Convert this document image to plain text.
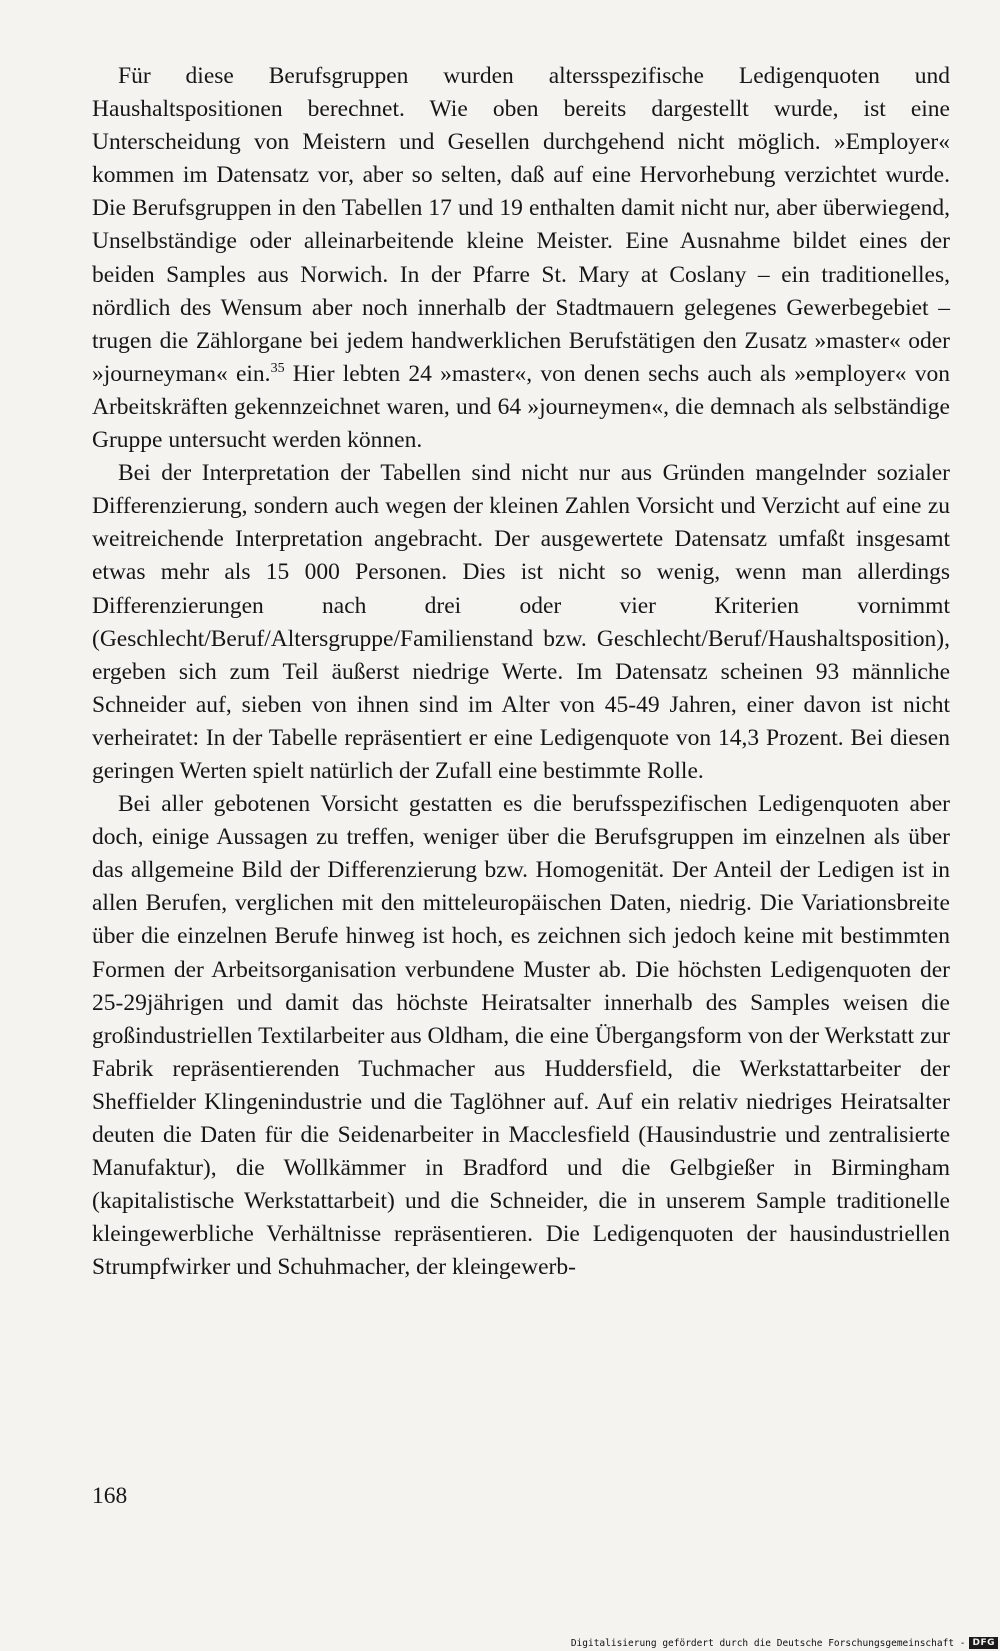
Für diese Berufsgruppen wurden altersspezifische Ledigenquoten und Haushaltspositionen berechnet. Wie oben bereits dargestellt wurde, ist eine Unterscheidung von Meistern und Gesellen durchgehend nicht möglich. »Employer« kommen im Datensatz vor, aber so selten, daß auf eine Hervorhebung verzichtet wurde. Die Berufsgruppen in den Tabellen 17 und 19 enthalten damit nicht nur, aber überwiegend, Unselbständige oder alleinarbeitende kleine Meister. Eine Ausnahme bildet eines der beiden Samples aus Norwich. In der Pfarre St. Mary at Coslany – ein traditionelles, nördlich des Wensum aber noch innerhalb der Stadtmauern gelegenes Gewerbegebiet – trugen die Zählorgane bei jedem handwerklichen Berufstätigen den Zusatz »master« oder »journeyman« ein.$^{35}$ Hier lebten 24 »master«, von denen sechs auch als »employer« von Arbeitskräften gekennzeichnet waren, und 64 »journeymen«, die demnach als selbständige Gruppe untersucht werden können.

Bei der Interpretation der Tabellen sind nicht nur aus Gründen mangelnder sozialer Differenzierung, sondern auch wegen der kleinen Zahlen Vorsicht und Verzicht auf eine zu weitreichende Interpretation angebracht. Der ausgewertete Datensatz umfaßt insgesamt etwas mehr als 15 000 Personen. Dies ist nicht so wenig, wenn man allerdings Differenzierungen nach drei oder vier Kriterien vornimmt (Geschlecht/Beruf/Altersgruppe/Familienstand bzw. Geschlecht/Beruf/Haushaltsposition), ergeben sich zum Teil äußerst niedrige Werte. Im Datensatz scheinen 93 männliche Schneider auf, sieben von ihnen sind im Alter von 45-49 Jahren, einer davon ist nicht verheiratet: In der Tabelle repräsentiert er eine Ledigenquote von 14,3 Prozent. Bei diesen geringen Werten spielt natürlich der Zufall eine bestimmte Rolle.

Bei aller gebotenen Vorsicht gestatten es die berufsspezifischen Ledigenquoten aber doch, einige Aussagen zu treffen, weniger über die Berufsgruppen im einzelnen als über das allgemeine Bild der Differenzierung bzw. Homogenität. Der Anteil der Ledigen ist in allen Berufen, verglichen mit den mitteleuropäischen Daten, niedrig. Die Variationsbreite über die einzelnen Berufe hinweg ist hoch, es zeichnen sich jedoch keine mit bestimmten Formen der Arbeitsorganisation verbundene Muster ab. Die höchsten Ledigenquoten der 25-29jährigen und damit das höchste Heiratsalter innerhalb des Samples weisen die großindustriellen Textilarbeiter aus Oldham, die eine Übergangsform von der Werkstatt zur Fabrik repräsentierenden Tuchmacher aus Huddersfield, die Werkstattarbeiter der Sheffielder Klingenindustrie und die Taglöhner auf. Auf ein relativ niedriges Heiratsalter deuten die Daten für die Seidenarbeiter in Macclesfield (Hausindustrie und zentralisierte Manufaktur), die Wollkämmer in Bradford und die Gelbgießer in Birmingham (kapitalistische Werkstattarbeit) und die Schneider, die in unserem Sample traditionelle kleingewerbliche Verhältnisse repräsentieren. Die Ledigenquoten der hausindustriellen Strumpfwirker und Schuhmacher, der kleingewerb-

168
Digitalisierung gefördert durch die Deutsche Forschungsgemeinschaft - DFG
